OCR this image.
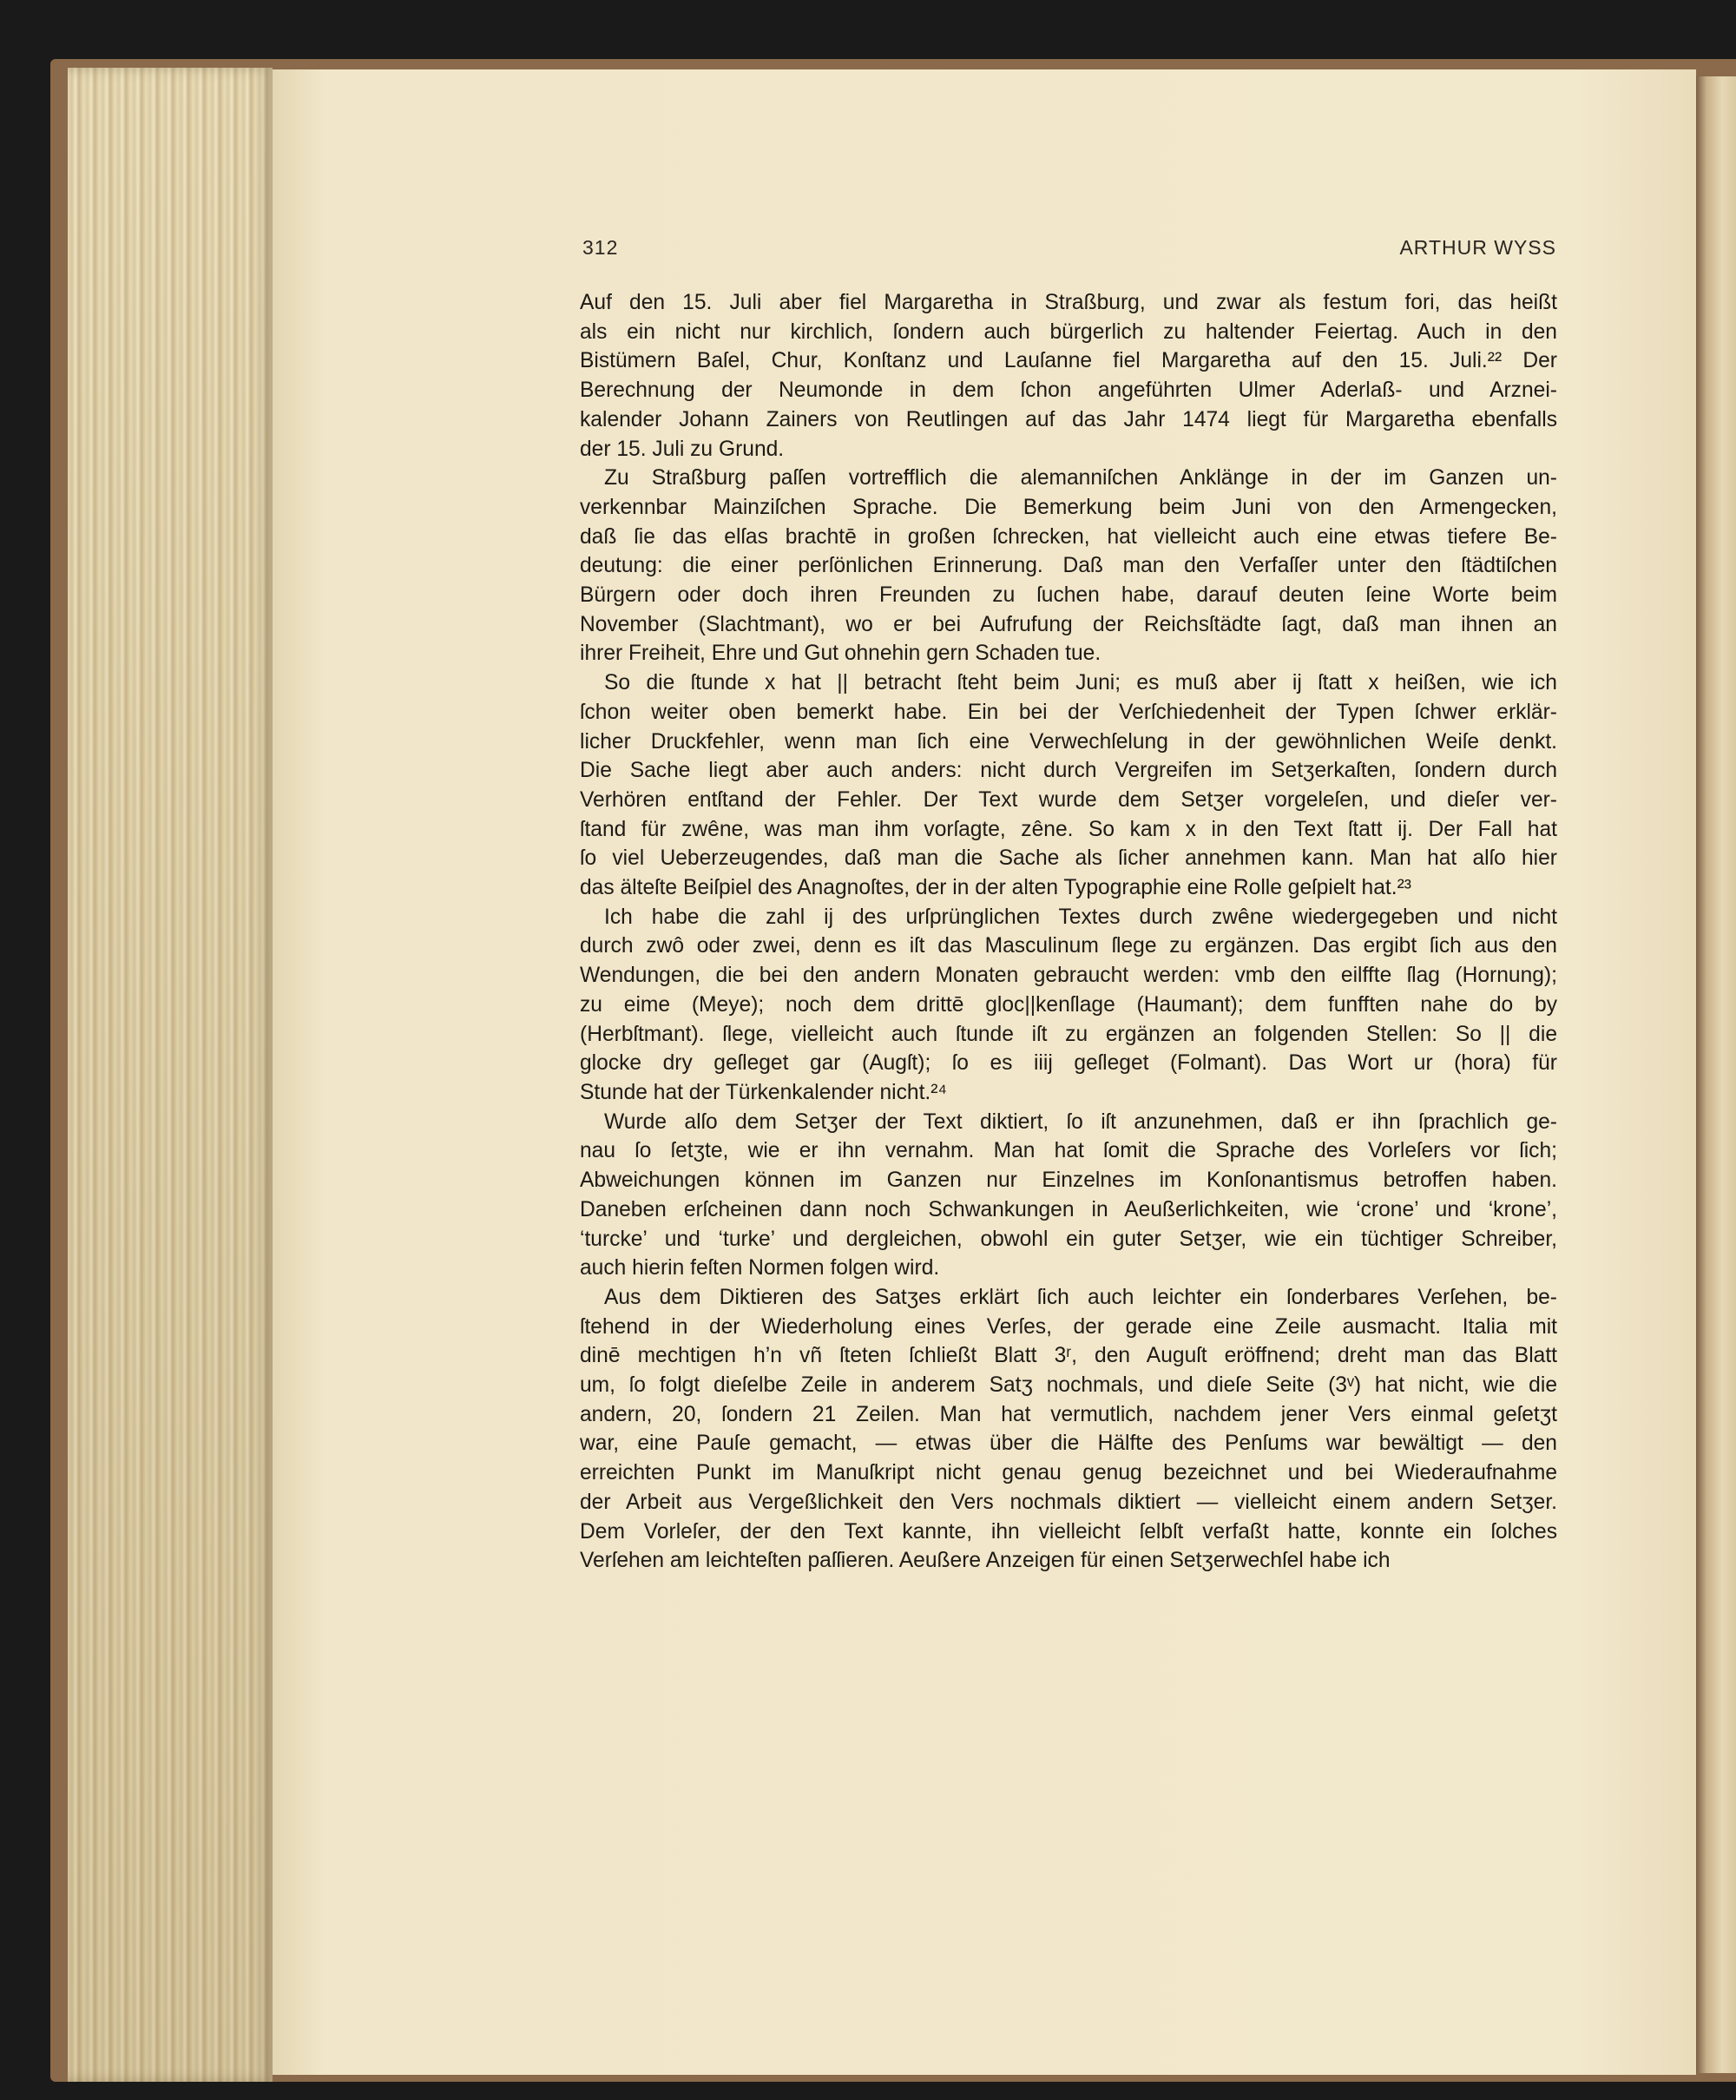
312	ARTHUR WYSS

Auf den 15. Juli aber fiel Margaretha in Straßburg, und zwar als festum fori, das heißt
als ein nicht nur kirchlich, ſondern auch bürgerlich zu haltender Feiertag. Auch in den
Bistümern Baſel, Chur, Konſtanz und Lauſanne fiel Margaretha auf den 15. Juli.²² Der
Berechnung der Neumonde in dem ſchon angeführten Ulmer Aderlaß- und Arznei-
kalender Johann Zainers von Reutlingen auf das Jahr 1474 liegt für Margaretha ebenfalls
der 15. Juli zu Grund.

Zu Straßburg paſſen vortrefflich die alemanniſchen Anklänge in der im Ganzen un-
verkennbar Mainziſchen Sprache. Die Bemerkung beim Juni von den Armengecken,
daß ſie das elſas brachtē in großen ſchrecken, hat vielleicht auch eine etwas tiefere Be-
deutung: die einer perſönlichen Erinnerung. Daß man den Verfaſſer unter den ſtädtiſchen
Bürgern oder doch ihren Freunden zu ſuchen habe, darauf deuten ſeine Worte beim
November (Slachtmant), wo er bei Aufrufung der Reichsſtädte ſagt, daß man ihnen an
ihrer Freiheit, Ehre und Gut ohnehin gern Schaden tue.

So die ſtunde x hat || betracht ſteht beim Juni; es muß aber ij ſtatt x heißen, wie ich
ſchon weiter oben bemerkt habe. Ein bei der Verſchiedenheit der Typen ſchwer erklär-
licher Druckfehler, wenn man ſich eine Verwechſelung in der gewöhnlichen Weiſe denkt.
Die Sache liegt aber auch anders: nicht durch Vergreifen im Setʒerkaſten, ſondern durch
Verhören entſtand der Fehler. Der Text wurde dem Setʒer vorgeleſen, und dieſer ver-
ſtand für zwêne, was man ihm vorſagte, zêne. So kam x in den Text ſtatt ij. Der Fall hat
ſo viel Ueberzeugendes, daß man die Sache als ſicher annehmen kann. Man hat alſo hier
das älteſte Beiſpiel des Anagnoſtes, der in der alten Typographie eine Rolle geſpielt hat.²³

Ich habe die zahl ij des urſprünglichen Textes durch zwêne wiedergegeben und nicht
durch zwô oder zwei, denn es iſt das Masculinum ſlege zu ergänzen. Das ergibt ſich aus den
Wendungen, die bei den andern Monaten gebraucht werden: vmb den eilffte ſlag (Hornung);
zu eime (Meye); noch dem drittē gloc||kenſlage (Haumant); dem funfften nahe do by
(Herbſtmant). ſlege, vielleicht auch ſtunde iſt zu ergänzen an folgenden Stellen: So || die
glocke dry geſleget gar (Augſt); ſo es iiij geſleget (Folmant). Das Wort ur (hora) für
Stunde hat der Türkenkalender nicht.²⁴

Wurde alſo dem Setʒer der Text diktiert, ſo iſt anzunehmen, daß er ihn ſprachlich ge-
nau ſo ſetʒte, wie er ihn vernahm. Man hat ſomit die Sprache des Vorleſers vor ſich;
Abweichungen können im Ganzen nur Einzelnes im Konſonantismus betroffen haben.
Daneben erſcheinen dann noch Schwankungen in Aeußerlichkeiten, wie ‘crone’ und ‘krone’,
‘turcke’ und ‘turke’ und dergleichen, obwohl ein guter Setʒer, wie ein tüchtiger Schreiber,
auch hierin feſten Normen folgen wird.

Aus dem Diktieren des Satʒes erklärt ſich auch leichter ein ſonderbares Verſehen, be-
ſtehend in der Wiederholung eines Verſes, der gerade eine Zeile ausmacht. Italia mit
dinē mechtigen h’n vñ ſteten ſchließt Blatt 3ʳ, den Auguſt eröffnend; dreht man das Blatt
um, ſo folgt dieſelbe Zeile in anderem Satʒ nochmals, und dieſe Seite (3ᵛ) hat nicht, wie die
andern, 20, ſondern 21 Zeilen. Man hat vermutlich, nachdem jener Vers einmal geſetʒt
war, eine Pauſe gemacht, — etwas über die Hälfte des Penſums war bewältigt — den
erreichten Punkt im Manuſkript nicht genau genug bezeichnet und bei Wiederaufnahme
der Arbeit aus Vergeßlichkeit den Vers nochmals diktiert — vielleicht einem andern Setʒer.
Dem Vorleſer, der den Text kannte, ihn vielleicht ſelbſt verfaßt hatte, konnte ein ſolches
Verſehen am leichteſten paſſieren. Aeußere Anzeigen für einen Setʒerwechſel habe ich
